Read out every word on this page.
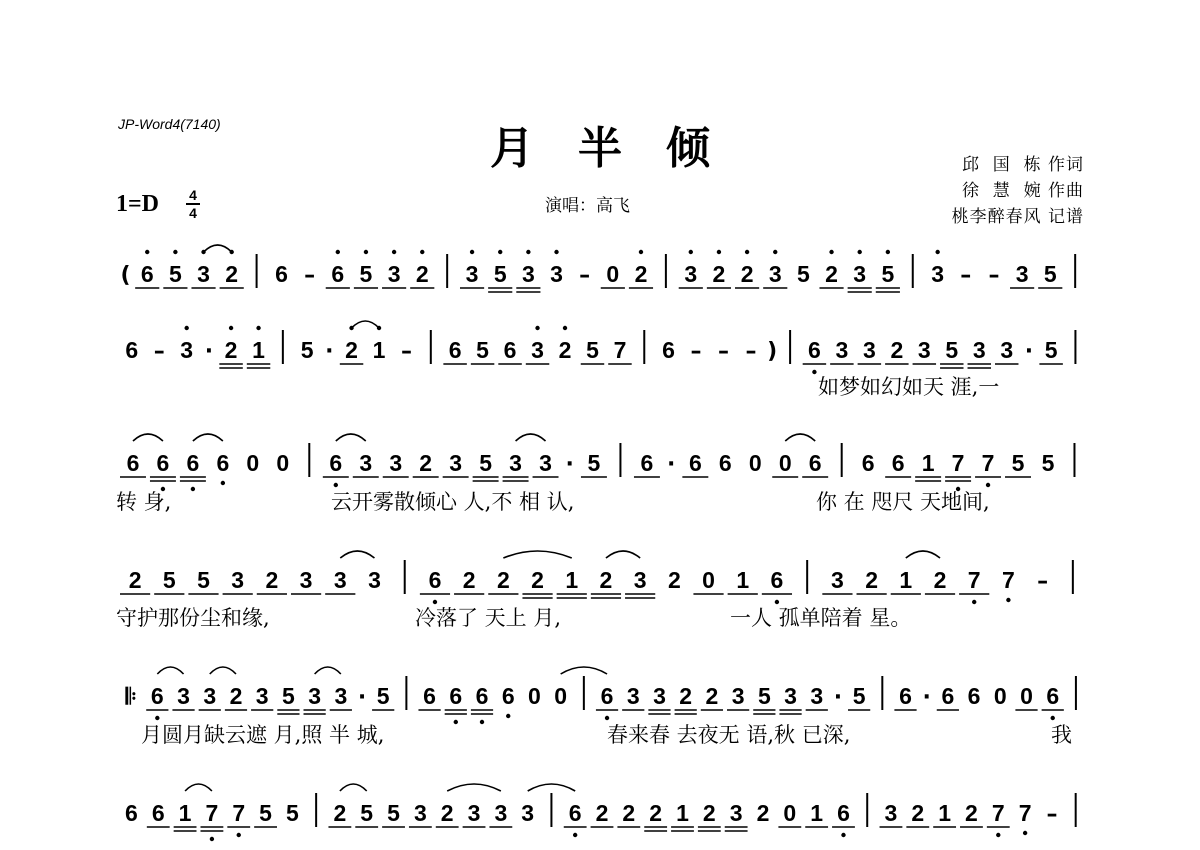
JP-Word4(7140)	月半倾
1=D 4
4	演唱：高飞
邱  国  栋 作词
徐  慧  婉 作曲
桃李醉春风 记谱
( 6 5 3 2 6 – 6 5 3 2 3 5 3 3 – 0 2 3 2 2 3 5 2 3 5 3 – – 3 5
6 – 3 · 2 1 5 · 2 1 – 6 5 6 3 2 5 7 6 – – – ) 6 3 3 2 3 5 3 3 · 5
如梦如幻如天 涯,一
6 6 6 6 0 0 6 3 3 2 3 5 3 3 · 5 6 · 6 6 0 0 6 6 6 1 7 7 5 5
转 身,	云开雾散倾心 人,不 相 认,	你 在 咫尺 天地间,
2 5 5 3 2 3 3 3 6 2 2 2 1 2 3 2 0 1 6 3 2 1 2 7 7 –
守护那份尘和缘,	冷落了 天上 月,	一人 孤单陪着 星。
𝄆 6 3 3 2 3 5 3 3 · 5 6 6 6 6 0 0 6 3 3 2 2 3 5 3 3 · 5 6 · 6 6 0 0 6
月圆月缺云遮 月,照 半 城,	春来春 去夜无 语,秋 已深,	我
6 6 1 7 7 5 5 2 5 5 3 2 3 3 3 6 2 2 2 1 2 3 2 0 1 6 3 2 1 2 7 7 –
